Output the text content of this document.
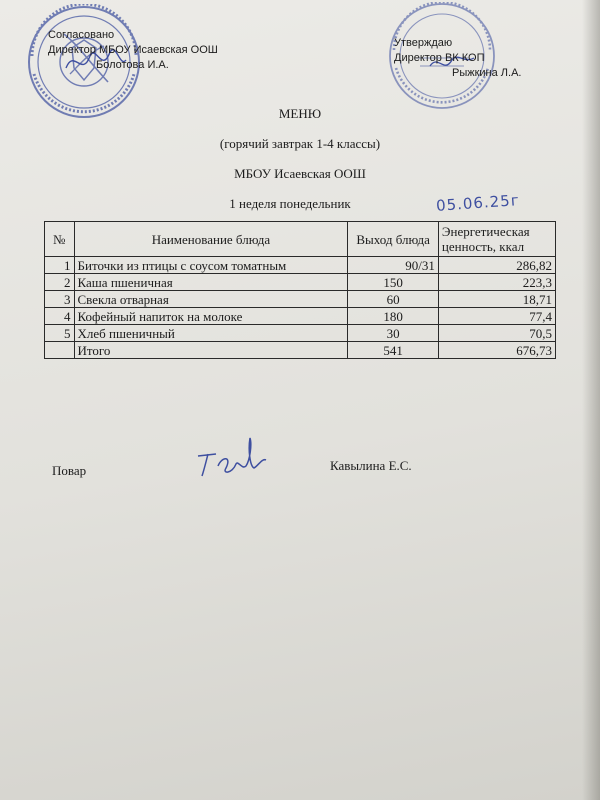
Согласовано
Директор МБОУ Исаевская ООШ
Болотова И.А.
Утверждаю
Директор ВК КОП
Рыжкина Л.А.
МЕНЮ
(горячий завтрак 1-4 классы)
МБОУ Исаевская ООШ
1 неделя понедельник	05.06.25г
№	Наименование блюда	Выход блюда	Энергетическая
ценность, ккал

1	Биточки из птицы с соусом томатным	90/31	286,82
2	Каша пшеничная	150	223,3
3	Свекла отварная	60	18,71
4	Кофейный напиток на молоке	180	77,4
5	Хлеб пшеничный	30	70,5
	Итого	541	676,73
Повар	Кавылина Е.С.
